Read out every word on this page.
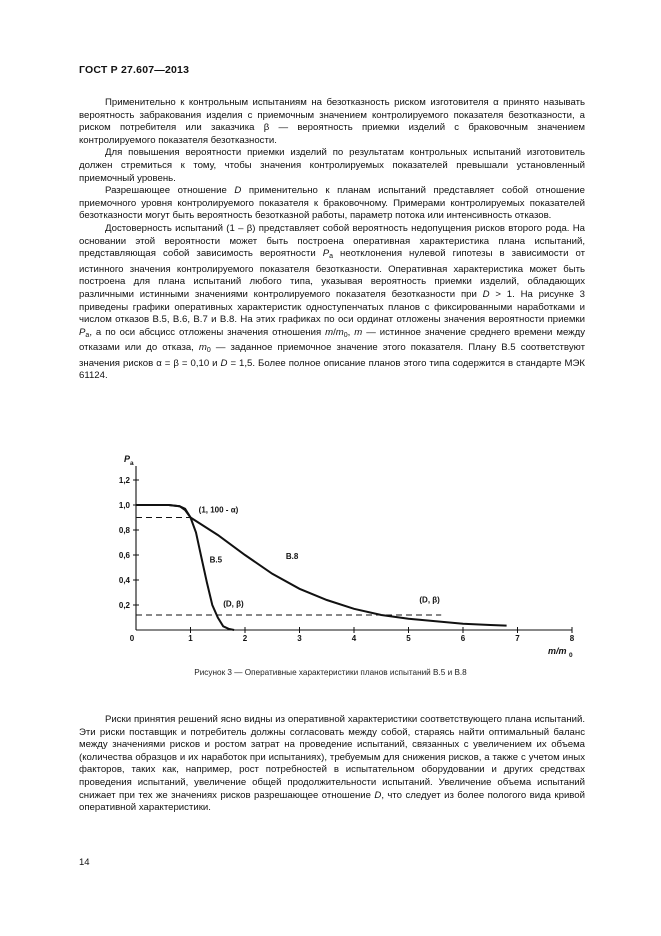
ГОСТ Р 27.607—2013

Применительно к контрольным испытаниям на безотказность риском изготовителя α принято называть вероятность забракования изделия с приемочным значением контролируемого показателя безотказности, а риском потребителя или заказчика β — вероятность приемки изделий с браковочным значением контролируемого показателя безотказности.

Для повышения вероятности приемки изделий по результатам контрольных испытаний изготовитель должен стремиться к тому, чтобы значения контролируемых показателей превышали установленный приемочный уровень.

Разрешающее отношение D применительно к планам испытаний представляет собой отношение приемочного уровня контролируемого показателя к браковочному. Примерами контролируемых показателей безотказности могут быть вероятность безотказной работы, параметр потока или интенсивность отказов.

Достоверность испытаний (1 – β) представляет собой вероятность недопущения рисков второго рода. На основании этой вероятности может быть построена оперативная характеристика плана испытаний, представляющая собой зависимость вероятности $P_a$ неотклонения нулевой гипотезы в зависимости от истинного значения контролируемого показателя безотказности. Оперативная характеристика может быть построена для плана испытаний любого типа, указывая вероятность приемки изделий, обладающих различными истинными значениями контролируемого показателя безотказности при D > 1. На рисунке 3 приведены графики оперативных характеристик одноступенчатых планов с фиксированными наработками и числом отказов В.5, В.6, В.7 и В.8. На этих графиках по оси ординат отложены значения вероятности приемки $P_a$, а по оси абсцисс отложены значения отношения $m/m_0$, m — истинное значение среднего времени между отказами или до отказа, $m_0$ — заданное приемочное значение этого показателя. Плану В.5 соответствуют значения рисков α = β = 0,10 и D = 1,5. Более полное описание планов этого типа содержится в стандарте МЭК 61124.

P a
0,2
0,4
0,6
0,8
1,0
1,2
0	1	2	3	4	5	6	7	8
m/m 0
(1, 100 - α)
В.5	В.8
(D, β)	(D, β)
Рисунок 3 — Оперативные характеристики планов испытаний В.5 и В.8

Риски принятия решений ясно видны из оперативной характеристики соответствующего плана испытаний. Эти риски поставщик и потребитель должны согласовать между собой, стараясь найти оптимальный баланс между значениями рисков и ростом затрат на проведение испытаний, связанных с увеличением их объема (количества образцов и их наработок при испытаниях), требуемым для снижения рисков, а также с учетом иных факторов, таких как, например, рост потребностей в испытательном оборудовании и других средствах проведения испытаний, увеличение общей продолжительности испытаний. Увеличение объема испытаний снижает при тех же значениях рисков разрешающее отношение D, что следует из более пологого вида кривой оперативной характеристики.

14
